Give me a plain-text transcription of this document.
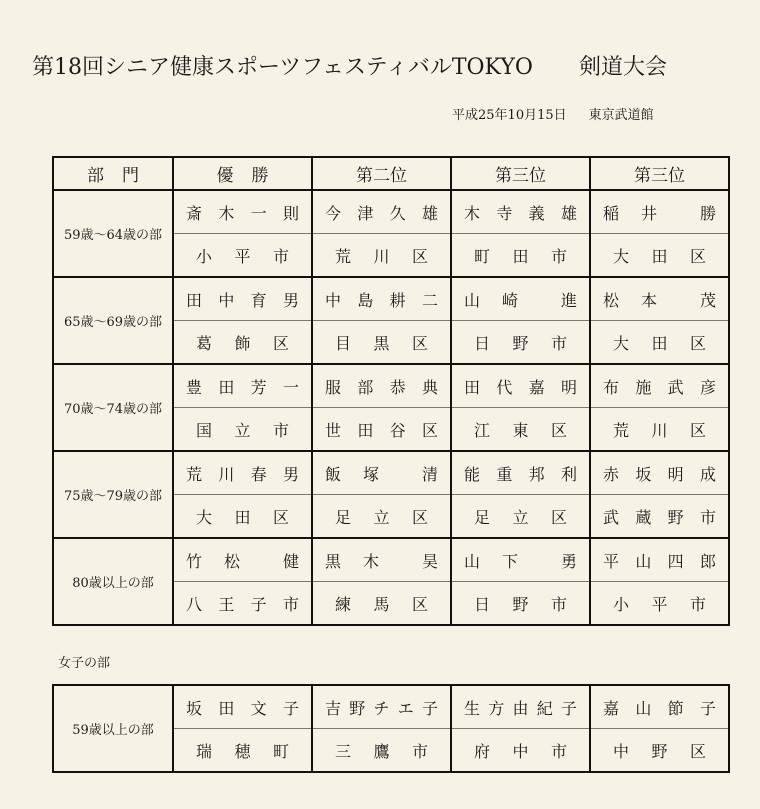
第18回シニア健康スポーツフェスティバルTOKYO 剣道大会
平成25年10月15日 東京武道館
部門	優勝	第二位	第三位	第三位
59歳～64歳の部	斎 木 一 則	今 津 久 雄	木 寺 義 雄	稲 井 勝

	小 平 市	荒 川 区	町 田 市	大 田 区

65歳～69歳の部	田 中 育 男	中 島 耕 二	山 崎 進	松 本 茂

	葛 飾 区	目 黒 区	日 野 市	大 田 区

70歳～74歳の部	豊 田 芳 一	服 部 恭 典	田 代 嘉 明	布 施 武 彦

	国 立 市	世 田 谷 区	江 東 区	荒 川 区

75歳～79歳の部	荒 川 春 男	飯 塚 清	能 重 邦 利	赤 坂 明 成

	大 田 区	足 立 区	足 立 区	武 蔵 野 市

80歳以上の部	竹 松 健	黒 木 昊	山 下 勇	平 山 四 郎

	八 王 子 市	練 馬 区	日 野 市	小 平 市
女子の部
59歳以上の部	坂 田 文 子	吉 野 チ エ 子	生 方 由 紀 子	嘉 山 節 子

	瑞 穂 町	三 鷹 市	府 中 市	中 野 区
